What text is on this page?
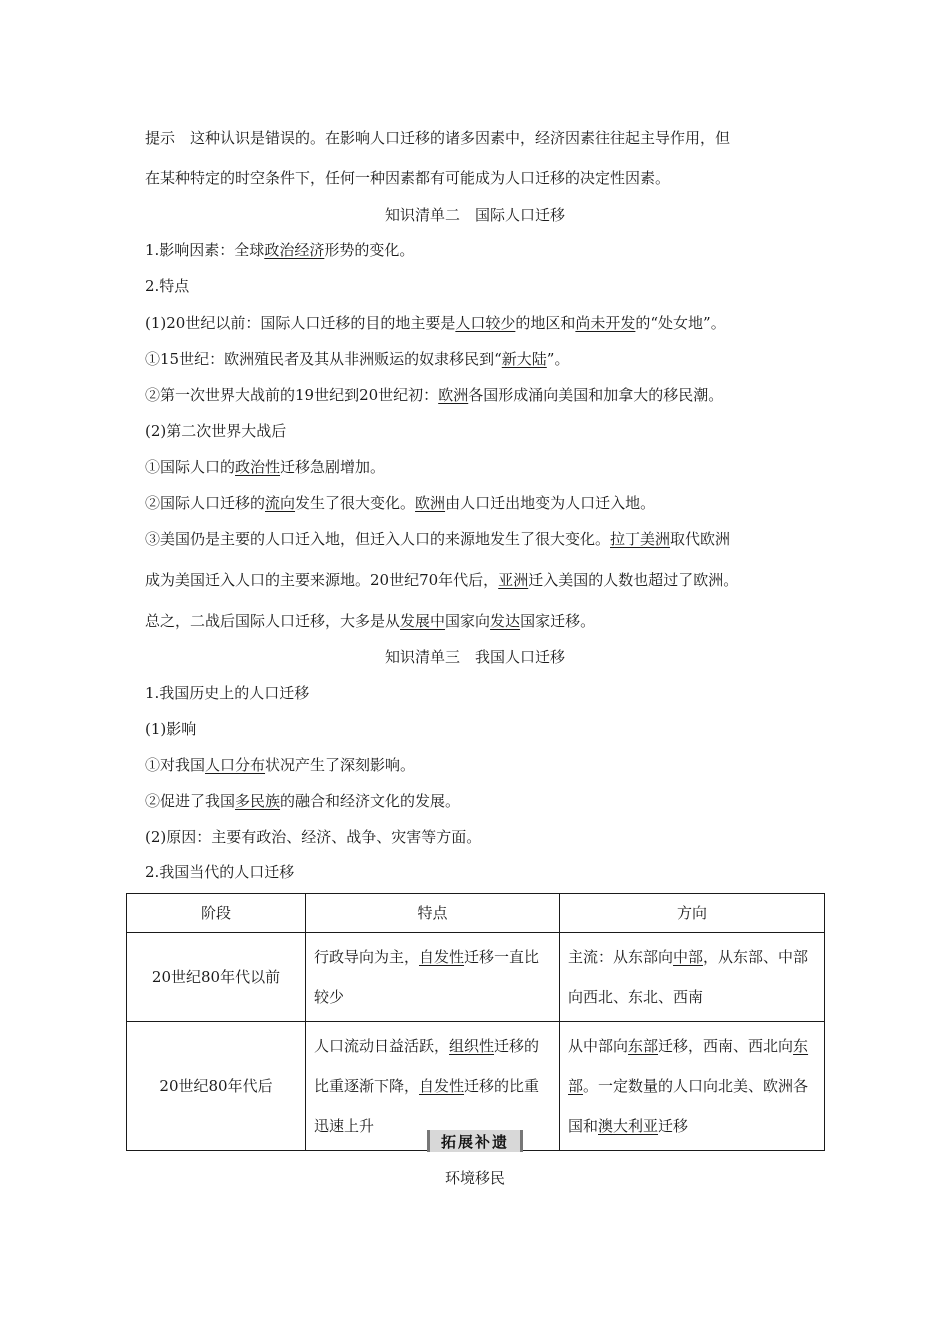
提示　这种认识是错误的。在影响人口迁移的诸多因素中，经济因素往往起主导作用，但
在某种特定的时空条件下，任何一种因素都有可能成为人口迁移的决定性因素。
知识清单二　国际人口迁移
1.影响因素：全球政治经济形势的变化。
2.特点
(1)20世纪以前：国际人口迁移的目的地主要是人口较少的地区和尚未开发的“处女地”。
①15世纪：欧洲殖民者及其从非洲贩运的奴隶移民到“新大陆”。
②第一次世界大战前的19世纪到20世纪初：欧洲各国形成涌向美国和加拿大的移民潮。
(2)第二次世界大战后
①国际人口的政治性迁移急剧增加。
②国际人口迁移的流向发生了很大变化。欧洲由人口迁出地变为人口迁入地。
③美国仍是主要的人口迁入地，但迁入人口的来源地发生了很大变化。拉丁美洲取代欧洲
成为美国迁入人口的主要来源地。20世纪70年代后，亚洲迁入美国的人数也超过了欧洲。
总之，二战后国际人口迁移，大多是从发展中国家向发达国家迁移。
知识清单三　我国人口迁移
1.我国历史上的人口迁移
(1)影响
①对我国人口分布状况产生了深刻影响。
②促进了我国多民族的融合和经济文化的发展。
(2)原因：主要有政治、经济、战争、灾害等方面。
2.我国当代的人口迁移
阶段	特点	方向
20世纪80年代以前	行政导向为主，自发性迁移一直比较少	主流：从东部向中部，从东部、中部向西北、东北、西南
20世纪80年代后	人口流动日益活跃，组织性迁移的比重逐渐下降，自发性迁移的比重迅速上升	从中部向东部迁移，西南、西北向东部。一定数量的人口向北美、欧洲各国和澳大利亚迁移
拓展补遗
环境移民
